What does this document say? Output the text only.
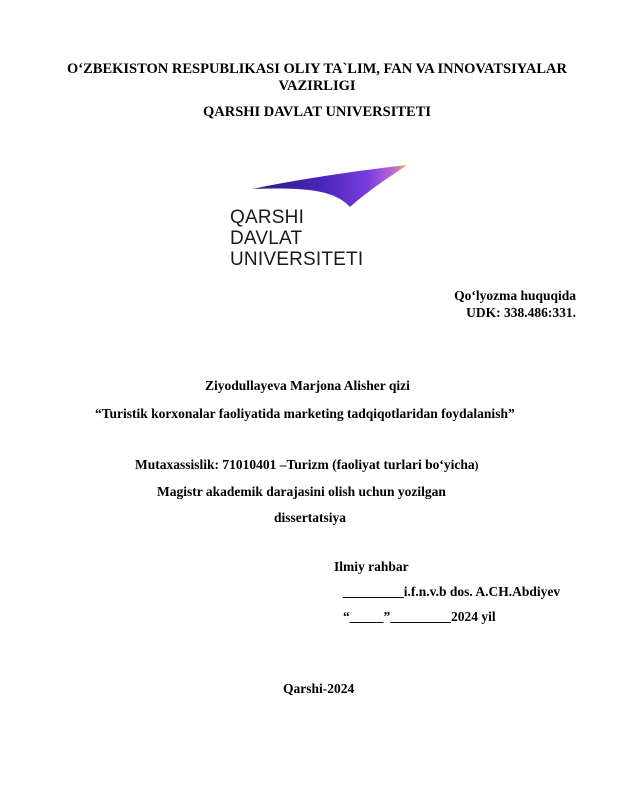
O‘ZBEKISTON RESPUBLIKASI OLIY TA`LIM, FAN VA INNOVATSIYALAR VAZIRLIGI
QARSHI DAVLAT UNIVERSITETI
QARSHI
DAVLAT
UNIVERSITETI
Qo‘lyozma huquqida
UDK: 338.486:331.
Ziyodullayeva Marjona Alisher qizi
“Turistik korxonalar faoliyatida marketing tadqiqotlaridan foydalanish”
Mutaxassislik: 71010401 –Turizm (faoliyat turlari bo‘yicha)
Magistr akademik darajasini olish uchun yozilgan
dissertatsiya
Ilmiy rahbar
_________i.f.n.v.b dos. A.CH.Abdiyev
“_____”_________2024 yil
Qarshi-2024
